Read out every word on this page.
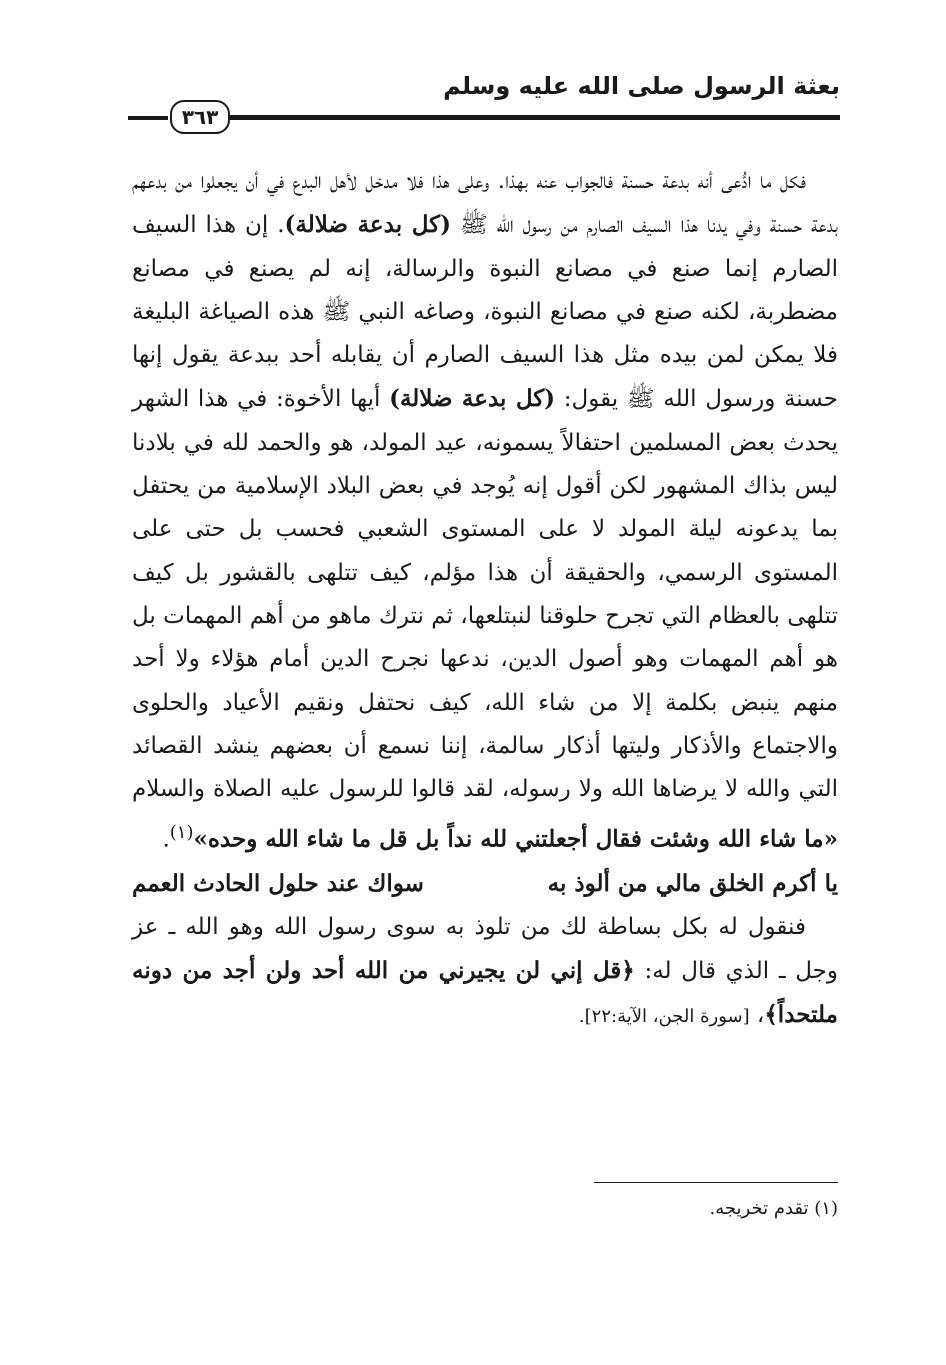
بعثة الرسول صلى الله عليه وسلم
٣٦٣

فكل ما ادُّعى أنه بدعة حسنة فالجواب عنه بهذا. وعلى هذا فلا مدخل لأهل البدع في أن يجعلوا من بدعهم بدعة حسنة وفي يدنا هذا السيف الصارم من رسول الله ﷺ (كل بدعة ضلالة). إن هذا السيف الصارم إنما صنع في مصانع النبوة والرسالة، إنه لم يصنع في مصانع مضطربة، لكنه صنع في مصانع النبوة، وصاغه النبي ﷺ هذه الصياغة البليغة فلا يمكن لمن بيده مثل هذا السيف الصارم أن يقابله أحد ببدعة يقول إنها حسنة ورسول الله ﷺ يقول: (كل بدعة ضلالة) أيها الأخوة: في هذا الشهر يحدث بعض المسلمين احتفالاً يسمونه، عيد المولد، هو والحمد لله في بلادنا ليس بذاك المشهور لكن أقول إنه يُوجد في بعض البلاد الإسلامية من يحتفل بما يدعونه ليلة المولد لا على المستوى الشعبي فحسب بل حتى على المستوى الرسمي، والحقيقة أن هذا مؤلم، كيف تتلهى بالقشور بل كيف تتلهى بالعظام التي تجرح حلوقنا لنبتلعها، ثم نترك ماهو من أهم المهمات بل هو أهم المهمات وهو أصول الدين، ندعها نجرح الدين أمام هؤلاء ولا أحد منهم ينبض بكلمة إلا من شاء الله، كيف نحتفل ونقيم الأعياد والحلوى والاجتماع والأذكار وليتها أذكار سالمة، إننا نسمع أن بعضهم ينشد القصائد التي والله لا يرضاها الله ولا رسوله، لقد قالوا للرسول عليه الصلاة والسلام «ما شاء الله وشئت فقال أجعلتني لله نداً بل قل ما شاء الله وحده»$^{(١)}$.

يا أكرم الخلق مالي من ألوذ به
سواك عند حلول الحادث العمم

فنقول له بكل بساطة لك من تلوذ به سوى رسول الله وهو الله ـ عز وجل ـ الذي قال له: ﴿قل إني لن يجيرني من الله أحد ولن أجد من دونه ملتحداً﴾، [سورة الجن، الآية:٢٢].

(١) تقدم تخريجه.
